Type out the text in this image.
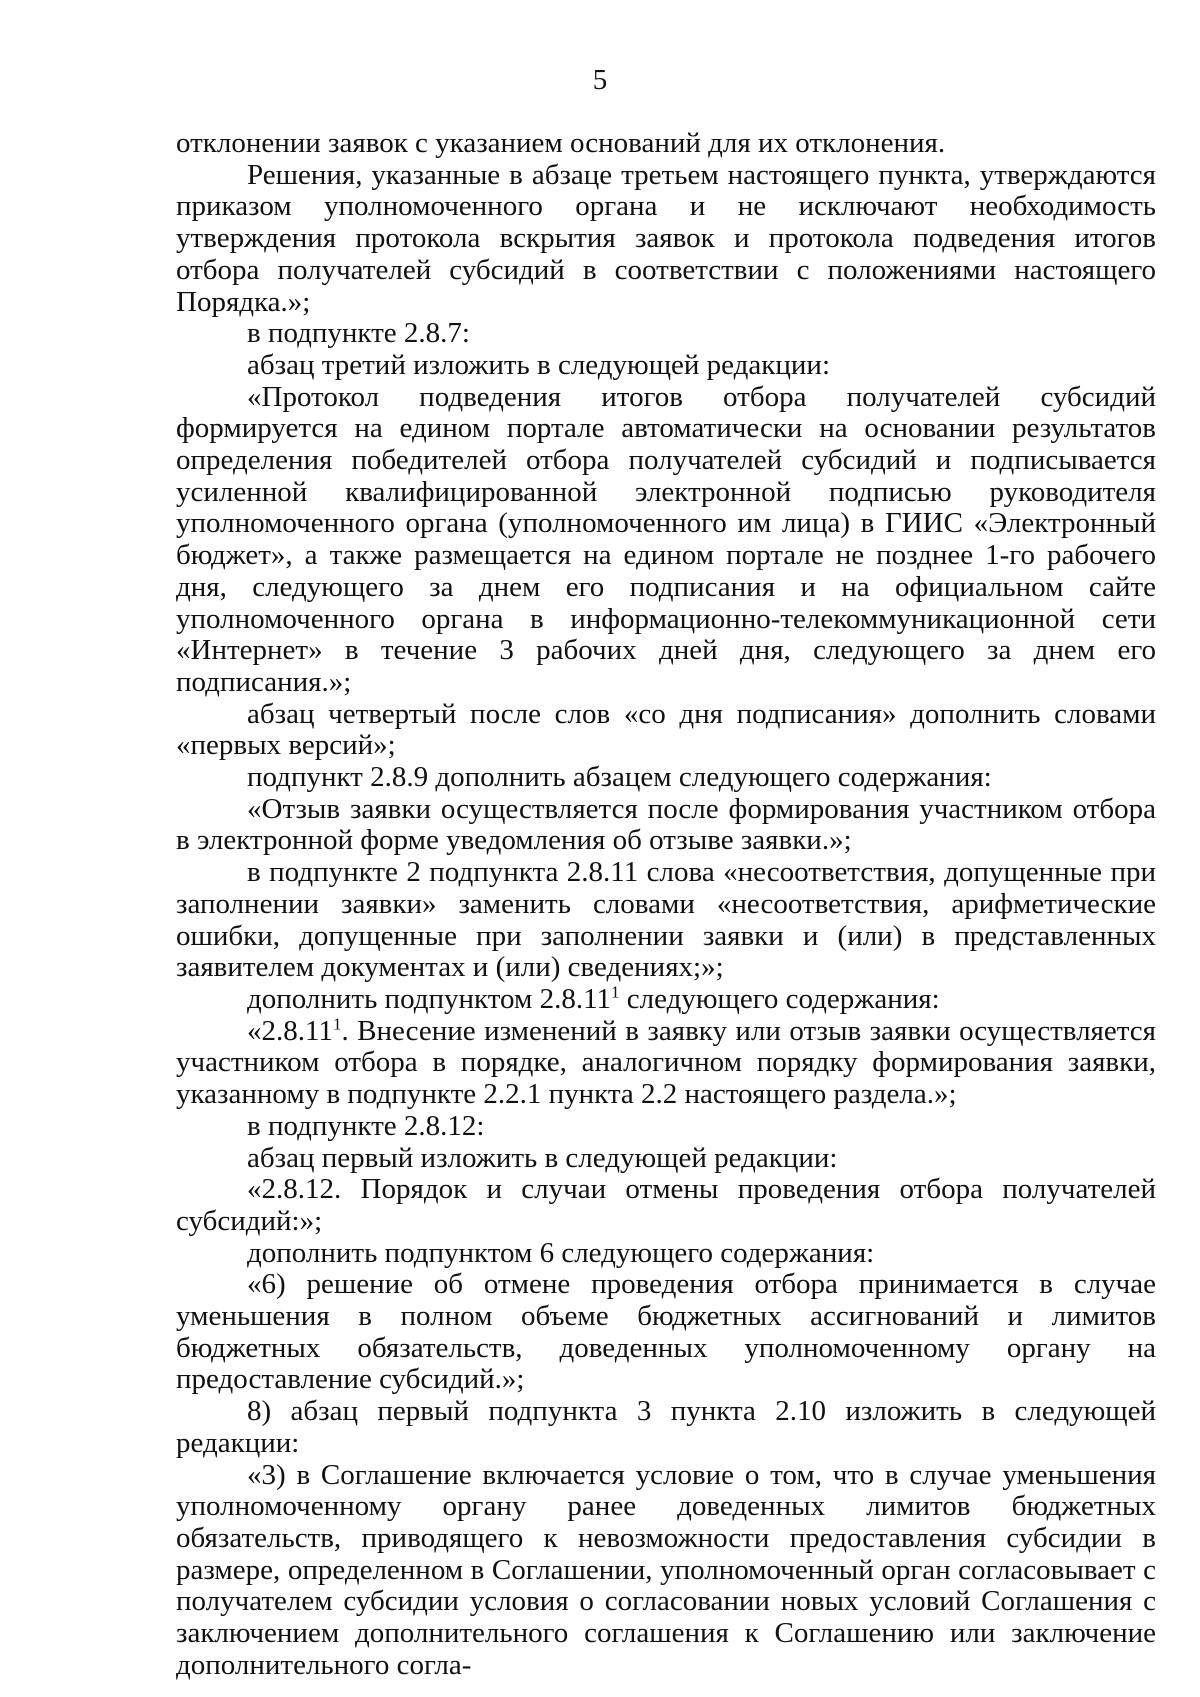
5

отклонении заявок с указанием оснований для их отклонения.

Решения, указанные в абзаце третьем настоящего пункта, утверждаются приказом уполномоченного органа и не исключают необходимость утверждения протокола вскрытия заявок и протокола подведения итогов отбора получателей субсидий в соответствии с положениями настоящего Порядка.»;

в подпункте 2.8.7:

абзац третий изложить в следующей редакции:

«Протокол подведения итогов отбора получателей субсидий формируется на едином портале автоматически на основании результатов определения победителей отбора получателей субсидий и подписывается усиленной квалифицированной электронной подписью руководителя уполномоченного органа (уполномоченного им лица) в ГИИС «Электронный бюджет», а также размещается на едином портале не позднее 1-го рабочего дня, следующего за днем его подписания и на официальном сайте уполномоченного органа в информационно-телекоммуникационной сети «Интернет» в течение 3 рабочих дней дня, следующего за днем его подписания.»;

абзац четвертый после слов «со дня подписания» дополнить словами «первых версий»;

подпункт 2.8.9 дополнить абзацем следующего содержания:

«Отзыв заявки осуществляется после формирования участником отбора в электронной форме уведомления об отзыве заявки.»;

в подпункте 2 подпункта 2.8.11 слова «несоответствия, допущенные при заполнении заявки» заменить словами «несоответствия, арифметические ошибки, допущенные при заполнении заявки и (или) в представленных заявителем документах и (или) сведениях;»;

дополнить подпунктом 2.8.11$^1$ следующего содержания:

«2.8.11$^1$. Внесение изменений в заявку или отзыв заявки осуществляется участником отбора в порядке, аналогичном порядку формирования заявки, указанному в подпункте 2.2.1 пункта 2.2 настоящего раздела.»;

в подпункте 2.8.12:

абзац первый изложить в следующей редакции:

«2.8.12. Порядок и случаи отмены проведения отбора получателей субсидий:»;

дополнить подпунктом 6 следующего содержания:

«6) решение об отмене проведения отбора принимается в случае уменьшения в полном объеме бюджетных ассигнований и лимитов бюджетных обязательств, доведенных уполномоченному органу на предоставление субсидий.»;

8) абзац первый подпункта 3 пункта 2.10 изложить в следующей редакции:

«3) в Соглашение включается условие о том, что в случае уменьшения уполномоченному органу ранее доведенных лимитов бюджетных обязательств, приводящего к невозможности предоставления субсидии в размере, определенном в Соглашении, уполномоченный орган согласовывает с получателем субсидии условия о согласовании новых условий Соглашения с заключением дополнительного соглашения к Соглашению или заключение дополнительного согла-
